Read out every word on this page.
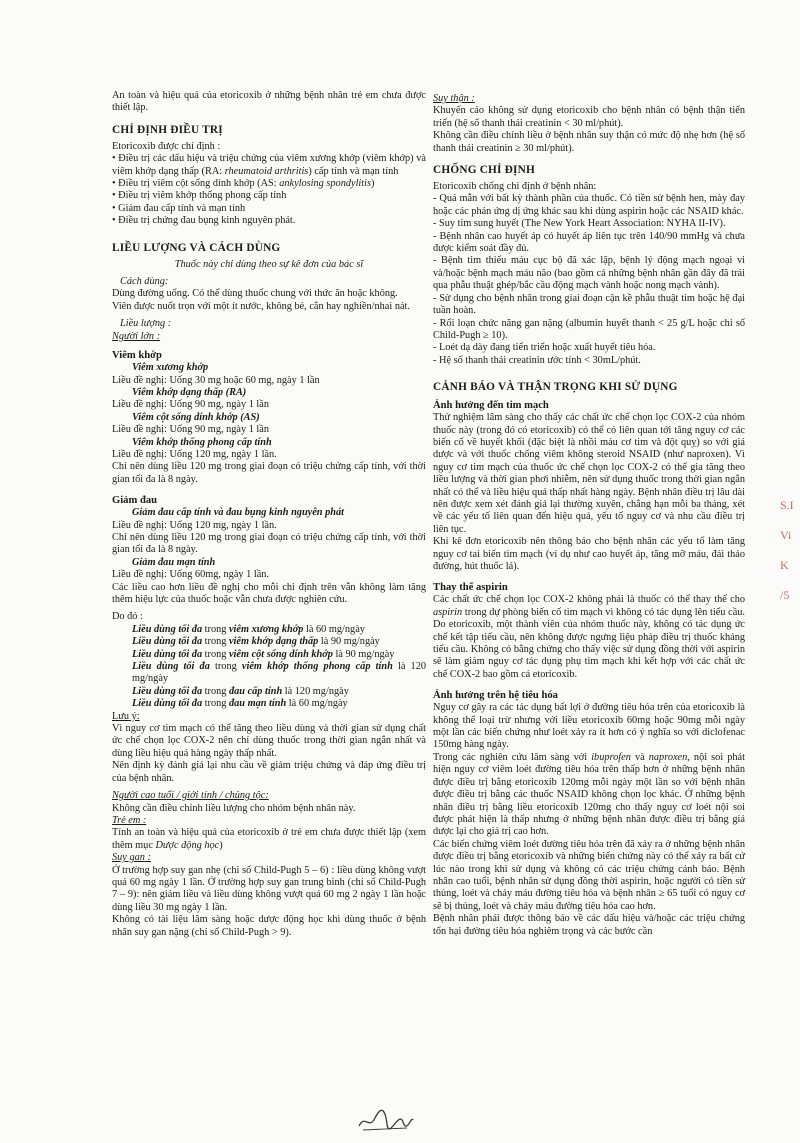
An toàn và hiệu quả của etoricoxib ở những bệnh nhân trẻ em chưa được thiết lập.

CHỈ ĐỊNH ĐIỀU TRỊ

Etoricoxib được chỉ định :

• Điều trị các dấu hiệu và triệu chứng của viêm xương khớp (viêm khớp) và viêm khớp dạng thấp (RA: rheumatoid arthritis) cấp tính và mạn tính

• Điều trị viêm cột sống dính khớp (AS: ankylosing spondylitis)

• Điều trị viêm khớp thống phong cấp tính

• Giảm đau cấp tính và mạn tính

• Điều trị chứng đau bụng kinh nguyên phát.

LIỀU LƯỢNG VÀ CÁCH DÙNG

Thuốc này chỉ dùng theo sự kê đơn của bác sĩ

Cách dùng:

Dùng đường uống. Có thể dùng thuốc chung với thức ăn hoặc không.

Viên được nuốt trọn với một ít nước, không bẻ, cắn hay nghiền/nhai nát.

Liều lượng :

Người lớn :

Viêm khớp

Viêm xương khớp

Liều đề nghị: Uống 30 mg hoặc 60 mg, ngày 1 lần

Viêm khớp dạng thấp (RA)

Liều đề nghị: Uống 90 mg, ngày 1 lần

Viêm cột sống dính khớp (AS)

Liều đề nghị: Uống 90 mg, ngày 1 lần

Viêm khớp thống phong cấp tính

Liều đề nghị: Uống 120 mg, ngày 1 lần.

Chỉ nên dùng liều 120 mg trong giai đoạn có triệu chứng cấp tính, với thời gian tối đa là 8 ngày.

Giảm đau

Giảm đau cấp tính và đau bụng kinh nguyên phát

Liều đề nghị: Uống 120 mg, ngày 1 lần.

Chỉ nên dùng liều 120 mg trong giai đoạn có triệu chứng cấp tính, với thời gian tối đa là 8 ngày.

Giảm đau mạn tính

Liều đề nghị: Uống 60mg, ngày 1 lần.

Các liều cao hơn liều đề nghị cho mỗi chỉ định trên vẫn không làm tăng thêm hiệu lực của thuốc hoặc vẫn chưa được nghiên cứu.

Do đó :

Liều dùng tối đa trong viêm xương khớp là 60 mg/ngày

Liều dùng tối đa trong viêm khớp dạng thấp là 90 mg/ngày

Liều dùng tối đa trong viêm cột sống dính khớp là 90 mg/ngày

Liều dùng tối đa trong viêm khớp thống phong cấp tính là 120 mg/ngày

Liều dùng tối đa trong đau cấp tính là 120 mg/ngày

Liều dùng tối đa trong đau mạn tính là 60 mg/ngày

Lưu ý:

Vì nguy cơ tim mạch có thể tăng theo liều dùng và thời gian sử dụng chất ức chế chọn lọc COX-2 nên chỉ dùng thuốc trong thời gian ngắn nhất và dùng liều hiệu quả hàng ngày thấp nhất.

Nên định kỳ đánh giá lại nhu cầu về giảm triệu chứng và đáp ứng điều trị của bệnh nhân.

Người cao tuổi / giới tính / chủng tộc:

Không cần điều chỉnh liều lượng cho nhóm bệnh nhân này.

Trẻ em :

Tính an toàn và hiệu quả của etoricoxib ở trẻ em chưa được thiết lập (xem thêm mục Dược động học)

Suy gan :

Ở trường hợp suy gan nhẹ (chỉ số Child-Pugh 5 – 6) : liều dùng không vượt quá 60 mg ngày 1 lần. Ở trường hợp suy gan trung bình (chỉ số Child-Pugh 7 – 9): nên giảm liều và liều dùng không vượt quá 60 mg 2 ngày 1 lần hoặc dùng liều 30 mg ngày 1 lần.

Không có tài liệu lâm sàng hoặc dược động học khi dùng thuốc ở bệnh nhân suy gan nặng (chỉ số Child-Pugh > 9).

Suy thận :

Khuyến cáo không sử dụng etoricoxib cho bệnh nhân có bệnh thận tiến triển (hệ số thanh thải creatinin < 30 ml/phút).

Không cần điều chỉnh liều ở bệnh nhân suy thận có mức độ nhẹ hơn (hệ số thanh thải creatinin ≥ 30 ml/phút).

CHỐNG CHỈ ĐỊNH

Etoricoxib chống chỉ định ở bệnh nhân:

- Quá mẫn với bất kỳ thành phần của thuốc. Có tiền sử bệnh hen, mày đay hoặc các phản ứng dị ứng khác sau khi dùng aspirin hoặc các NSAID khác.

- Suy tim sung huyết (The New York Heart Association: NYHA II-IV).

- Bệnh nhân cao huyết áp có huyết áp liên tục trên 140/90 mmHg và chưa được kiểm soát đầy đủ.

- Bệnh tim thiếu máu cục bộ đã xác lập, bệnh lý động mạch ngoại vi và/hoặc bệnh mạch máu não (bao gồm cả những bệnh nhân gần đây đã trải qua phẫu thuật ghép/bắc cầu động mạch vành hoặc nong mạch vành).

- Sử dụng cho bệnh nhân trong giai đoạn cận kề phẫu thuật tim hoặc hệ đại tuần hoàn.

- Rối loạn chức năng gan nặng (albumin huyết thanh < 25 g/L hoặc chỉ số Child-Pugh ≥ 10).

- Loét dạ dày đang tiến triển hoặc xuất huyết tiêu hóa.

- Hệ số thanh thải creatinin ước tính < 30mL/phút.

CẢNH BÁO VÀ THẬN TRỌNG KHI SỬ DỤNG
Ảnh hưởng đến tim mạch

Thử nghiệm lâm sàng cho thấy các chất ức chế chọn lọc COX-2 của nhóm thuốc này (trong đó có etoricoxib) có thể có liên quan tới tăng nguy cơ các biến cố về huyết khối (đặc biệt là nhồi máu cơ tim và đột quỵ) so với giả dược và với thuốc chống viêm không steroid NSAID (như naproxen). Vì nguy cơ tim mạch của thuốc ức chế chọn lọc COX-2 có thể gia tăng theo liều lượng và thời gian phơi nhiễm, nên sử dụng thuốc trong thời gian ngắn nhất có thể và liều hiệu quả thấp nhất hàng ngày. Bệnh nhân điều trị lâu dài nên được xem xét đánh giá lại thường xuyên, chẳng hạn mỗi ba tháng, xét về các yếu tố liên quan đến hiệu quả, yếu tố nguy cơ và nhu cầu điều trị liên tục.

Khi kê đơn etoricoxib nên thông báo cho bệnh nhân các yếu tố làm tăng nguy cơ tai biến tim mạch (ví dụ như cao huyết áp, tăng mỡ máu, đái tháo đường, hút thuốc lá).

Thay thế aspirin

Các chất ức chế chọn lọc COX-2 không phải là thuốc có thể thay thế cho aspirin trong dự phòng biến cố tim mạch vì không có tác dụng lên tiểu cầu. Do etoricoxib, một thành viên của nhóm thuốc này, không có tác dụng ức chế kết tập tiểu cầu, nên không được ngưng liệu pháp điều trị thuốc kháng tiểu cầu. Không có bằng chứng cho thấy việc sử dụng đồng thời với aspirin sẽ làm giảm nguy cơ tác dụng phụ tim mạch khi kết hợp với các chất ức chế COX-2 bao gồm cả etoricoxib.

Ảnh hưởng trên hệ tiêu hóa

Nguy cơ gây ra các tác dụng bất lợi ở đường tiêu hóa trên của etoricoxib là không thể loại trừ nhưng với liều etoricoxib 60mg hoặc 90mg mỗi ngày một lần các biến chứng như loét xảy ra ít hơn có ý nghĩa so với diclofenac 150mg hàng ngày.

Trong các nghiên cứu lâm sàng với ibuprofen và naproxen, nội soi phát hiện nguy cơ viêm loét đường tiêu hóa trên thấp hơn ở những bệnh nhân được điều trị bằng etoricoxib 120mg mỗi ngày một lần so với bệnh nhân được điều trị bằng các thuốc NSAID không chọn lọc khác. Ở những bệnh nhân điều trị bằng liều etoricoxib 120mg cho thấy nguy cơ loét nội soi được phát hiện là thấp nhưng ở những bệnh nhân được điều trị bằng giả dược lại cho giá trị cao hơn.

Các biến chứng viêm loét đường tiêu hóa trên đã xảy ra ở những bệnh nhân được điều trị bằng etoricoxib và những biến chứng này có thể xảy ra bất cứ lúc nào trong khi sử dụng và không có các triệu chứng cảnh báo. Bệnh nhân cao tuổi, bệnh nhân sử dụng đồng thời aspirin, hoặc người có tiền sử thủng, loét và chảy máu đường tiêu hóa và bệnh nhân ≥ 65 tuổi có nguy cơ sẽ bị thủng, loét và chảy máu đường tiêu hóa cao hơn.

Bệnh nhân phải được thông báo về các dấu hiệu và/hoặc các triệu chứng tổn hại đường tiêu hóa nghiêm trọng và các bước cần

S.I
Vi
K
/5
